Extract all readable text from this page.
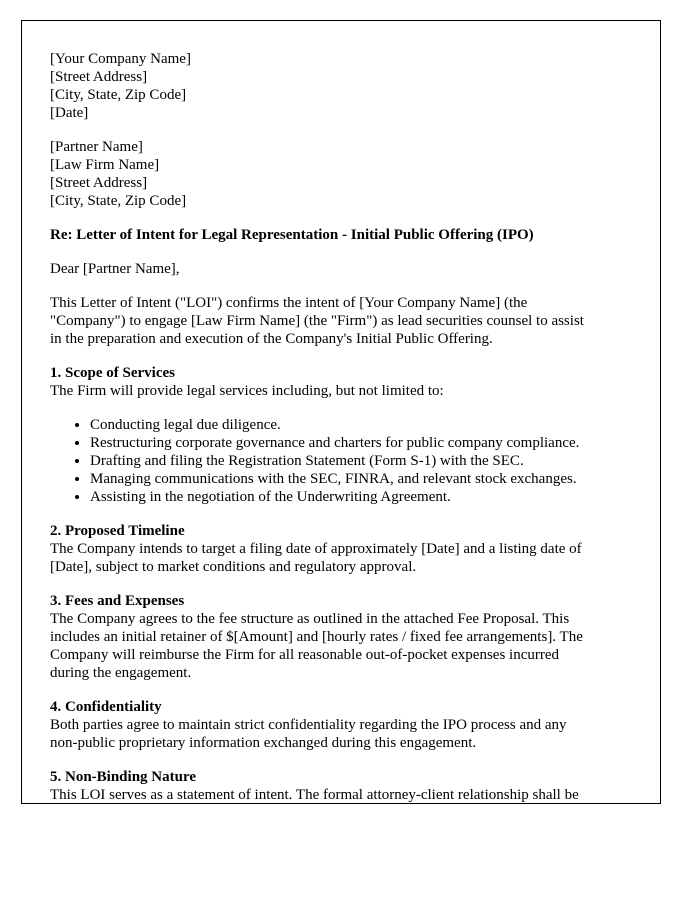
[Your Company Name]
[Street Address]
[City, State, Zip Code]
[Date]
[Partner Name]
[Law Firm Name]
[Street Address]
[City, State, Zip Code]
Re: Letter of Intent for Legal Representation - Initial Public Offering (IPO)
Dear [Partner Name],
This Letter of Intent ("LOI") confirms the intent of [Your Company Name] (the
"Company") to engage [Law Firm Name] (the "Firm") as lead securities counsel to assist
in the preparation and execution of the Company's Initial Public Offering.
1. Scope of Services
The Firm will provide legal services including, but not limited to:
• Conducting legal due diligence.
• Restructuring corporate governance and charters for public company compliance.
• Drafting and filing the Registration Statement (Form S-1) with the SEC.
• Managing communications with the SEC, FINRA, and relevant stock exchanges.
• Assisting in the negotiation of the Underwriting Agreement.
2. Proposed Timeline
The Company intends to target a filing date of approximately [Date] and a listing date of
[Date], subject to market conditions and regulatory approval.
3. Fees and Expenses
The Company agrees to the fee structure as outlined in the attached Fee Proposal. This
includes an initial retainer of $[Amount] and [hourly rates / fixed fee arrangements]. The
Company will reimburse the Firm for all reasonable out-of-pocket expenses incurred
during the engagement.
4. Confidentiality
Both parties agree to maintain strict confidentiality regarding the IPO process and any
non-public proprietary information exchanged during this engagement.
5. Non-Binding Nature
This LOI serves as a statement of intent. The formal attorney-client relationship shall be
